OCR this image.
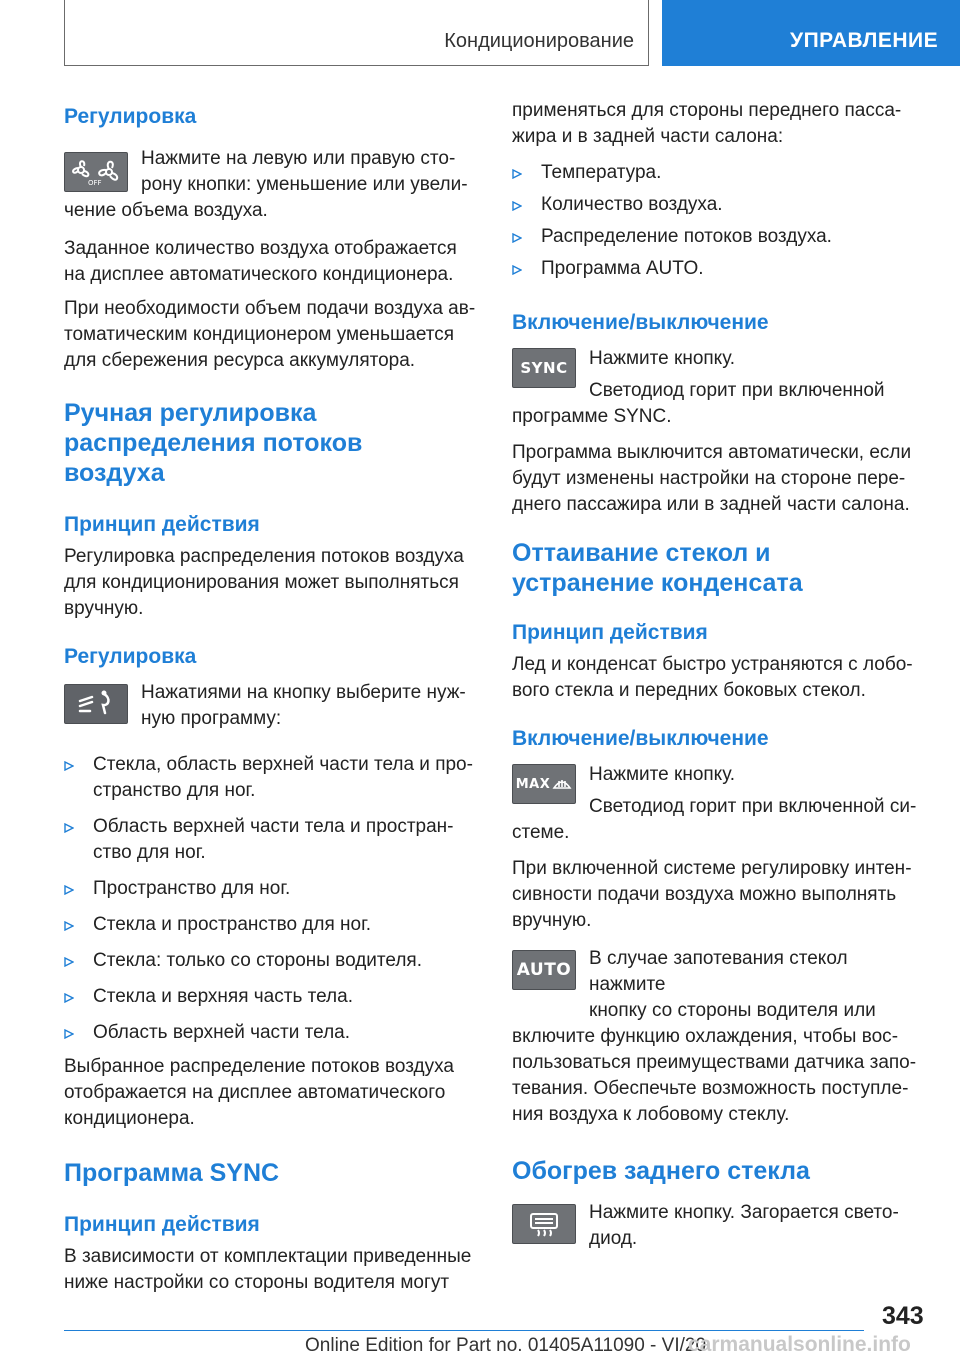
Кондиционирование	УПРАВЛЕНИЕ
Регулировка
OFF

Нажмите на левую или правую сто-

рону кнопки: уменьшение или увели-

чение объема воздуха.

Заданное количество воздуха отображается на дисплее автоматического кондиционера.

При необходимости объем подачи воздуха автоматическим кондиционером уменьшается для сбережения ресурса аккумулятора.

Ручная регулировка
распределения потоков
воздуха
Принцип действия

Регулировка распределения потоков воздуха для кондиционирования может выполняться вручную.

Регулировка

Нажатиями на кнопку выберите нуж-

ную программу:

Стекла, область верхней части тела и пространство для ног.
Область верхней части тела и пространство для ног.
Пространство для ног.
Стекла и пространство для ног.
Стекла: только со стороны водителя.
Стекла и верхняя часть тела.
Область верхней части тела.

Выбранное распределение потоков воздуха отображается на дисплее автоматического кондиционера.

Программа SYNC
Принцип действия

В зависимости от комплектации приведенные ниже настройки со стороны водителя могут

применяться для стороны переднего пассажира и в задней части салона:

Температура.
Количество воздуха.
Распределение потоков воздуха.
Программа AUTO.
Включение/выключение
SYNC	Нажмите кнопку.

Светодиод горит при включенной

программе SYNC.

Программа выключится автоматически, если будут изменены настройки на стороне переднего пассажира или в задней части салона.

Оттаивание стекол и
устранение конденсата
Принцип действия

Лед и конденсат быстро устраняются с лобового стекла и передних боковых стекол.

Включение/выключение
MAX	Нажмите кнопку.

Светодиод горит при включенной си-

стеме.

При включенной системе регулировку интенсивности подачи воздуха можно выполнять вручную.

AUTO

В случае запотевания стекол нажмите

кнопку со стороны водителя или

включите функцию охлаждения, чтобы воспользоваться преимуществами датчика запотевания. Обеспечьте возможность поступления воздуха к лобовому стеклу.

Обогрев заднего стекла

Нажмите кнопку. Загорается свето-

диод.

343
Online Edition for Part no. 01405A11090 - VI/20
carmanualsonline.info
